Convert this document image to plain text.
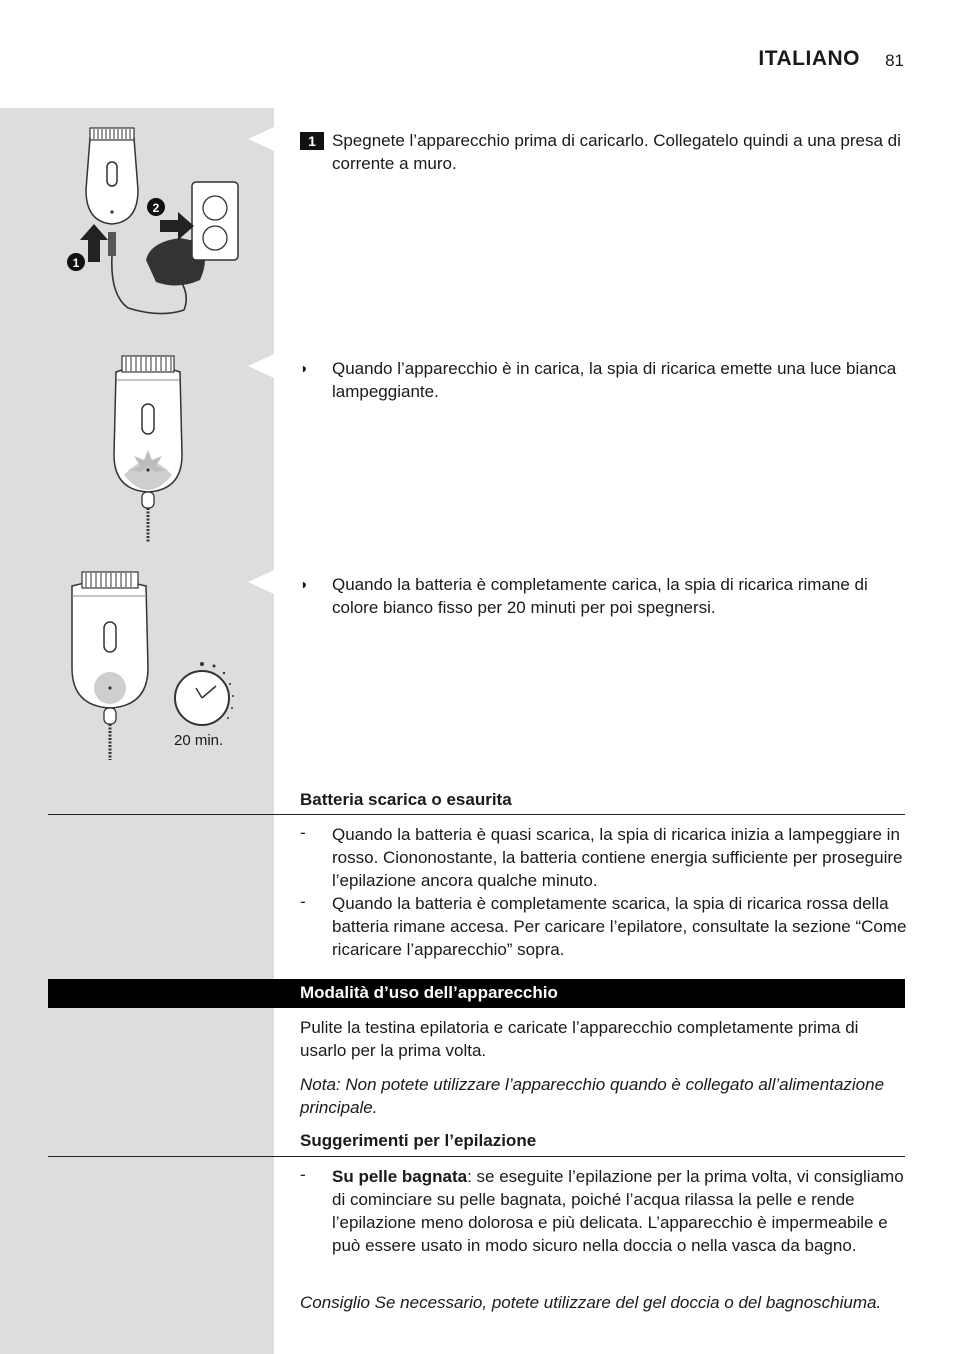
ITALIANO 81
1
2
20 min.
1 Spegnete l’apparecchio prima di caricarlo. Collegatelo quindi a una presa di corrente a muro.
◗ Quando l’apparecchio è in carica, la spia di ricarica emette una luce bianca lampeggiante.
◗ Quando la batteria è completamente carica, la spia di ricarica rimane di colore bianco fisso per 20 minuti per poi spegnersi.
Batteria scarica o esaurita
- Quando la batteria è quasi scarica, la spia di ricarica inizia a lampeggiare in rosso. Ciononostante, la batteria contiene energia sufficiente per proseguire l’epilazione ancora qualche minuto.
- Quando la batteria è completamente scarica, la spia di ricarica rossa della batteria rimane accesa. Per caricare l’epilatore, consultate la sezione “Come ricaricare l’apparecchio” sopra.
Modalità d’uso dell’apparecchio
Pulite la testina epilatoria e caricate l’apparecchio completamente prima di usarlo per la prima volta.
Nota: Non potete utilizzare l’apparecchio quando è collegato all’alimentazione principale.
Suggerimenti per l’epilazione
- Su pelle bagnata: se eseguite l’epilazione per la prima volta, vi consigliamo di cominciare su pelle bagnata, poiché l’acqua rilassa la pelle e rende l’epilazione meno dolorosa e più delicata. L’apparecchio è impermeabile e può essere usato in modo sicuro nella doccia o nella vasca da bagno.
Consiglio Se necessario, potete utilizzare del gel doccia o del bagnoschiuma.
